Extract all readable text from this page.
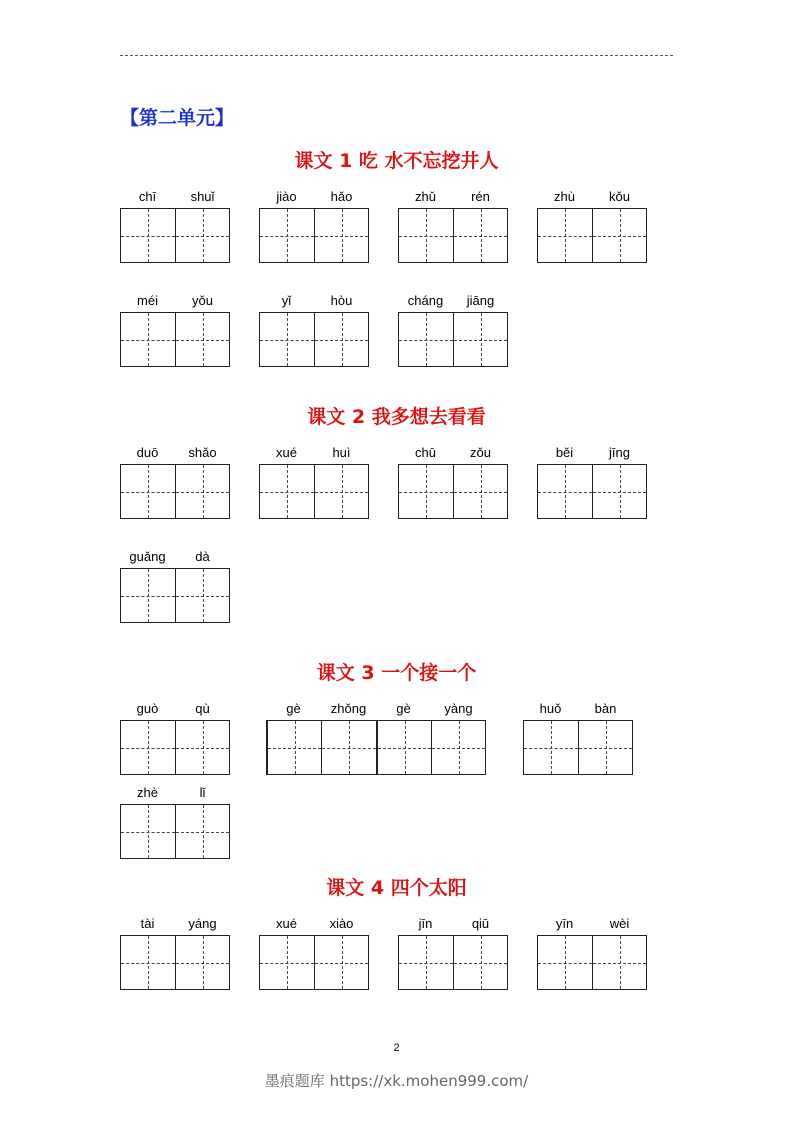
【第二单元】
课文 1 吃 水不忘挖井人
课文 2 我多想去看看
课文 3 一个接一个
课文 4 四个太阳
chī	shuǐ	jiào	hǎo	zhǔ	rén	zhù	kǒu
méi	yǒu	yǐ	hòu	cháng	jiāng
duō	shǎo	xué	huì	chū	zǒu	běi	jīng
guǎng	dà
guò	qù	gè	zhǒng	gè	yàng	huǒ	bàn
zhè	lǐ
tài	yáng	xué	xiào	jīn	qiū	yīn	wèi
2
墨痕题库 https://xk.mohen999.com/
